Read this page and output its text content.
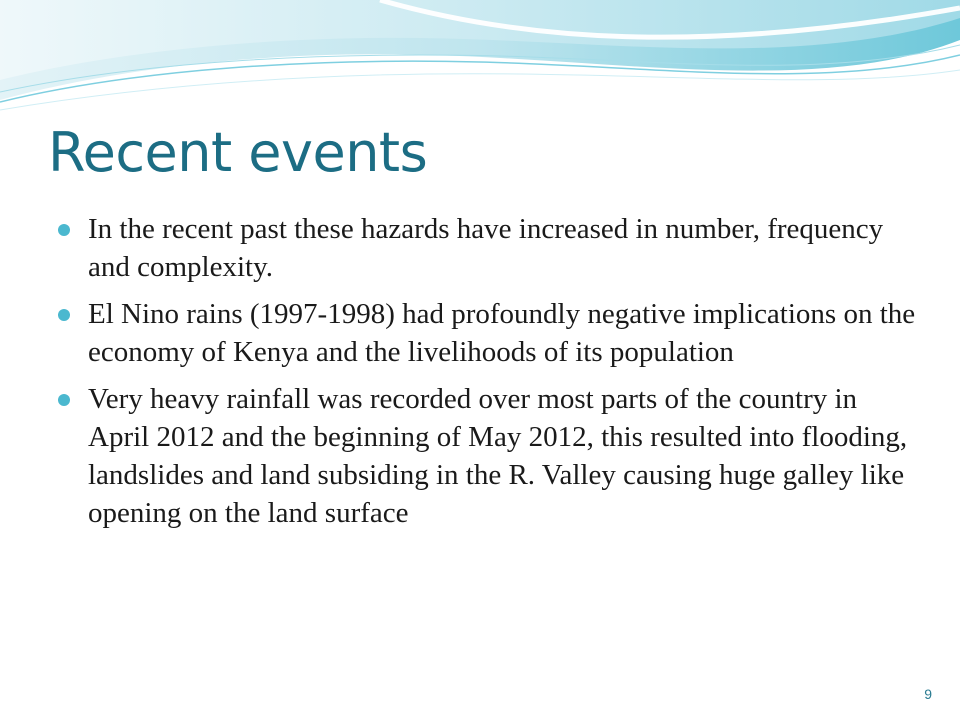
Recent events
In the recent past these hazards have increased in number, frequency and complexity.
El Nino rains (1997-1998) had profoundly negative implications on the economy of Kenya and the livelihoods of its population
Very heavy rainfall was recorded over most parts of the country in April 2012 and the beginning of May 2012, this resulted into flooding, landslides and land subsiding in the R. Valley causing huge galley like opening on the land surface
9
